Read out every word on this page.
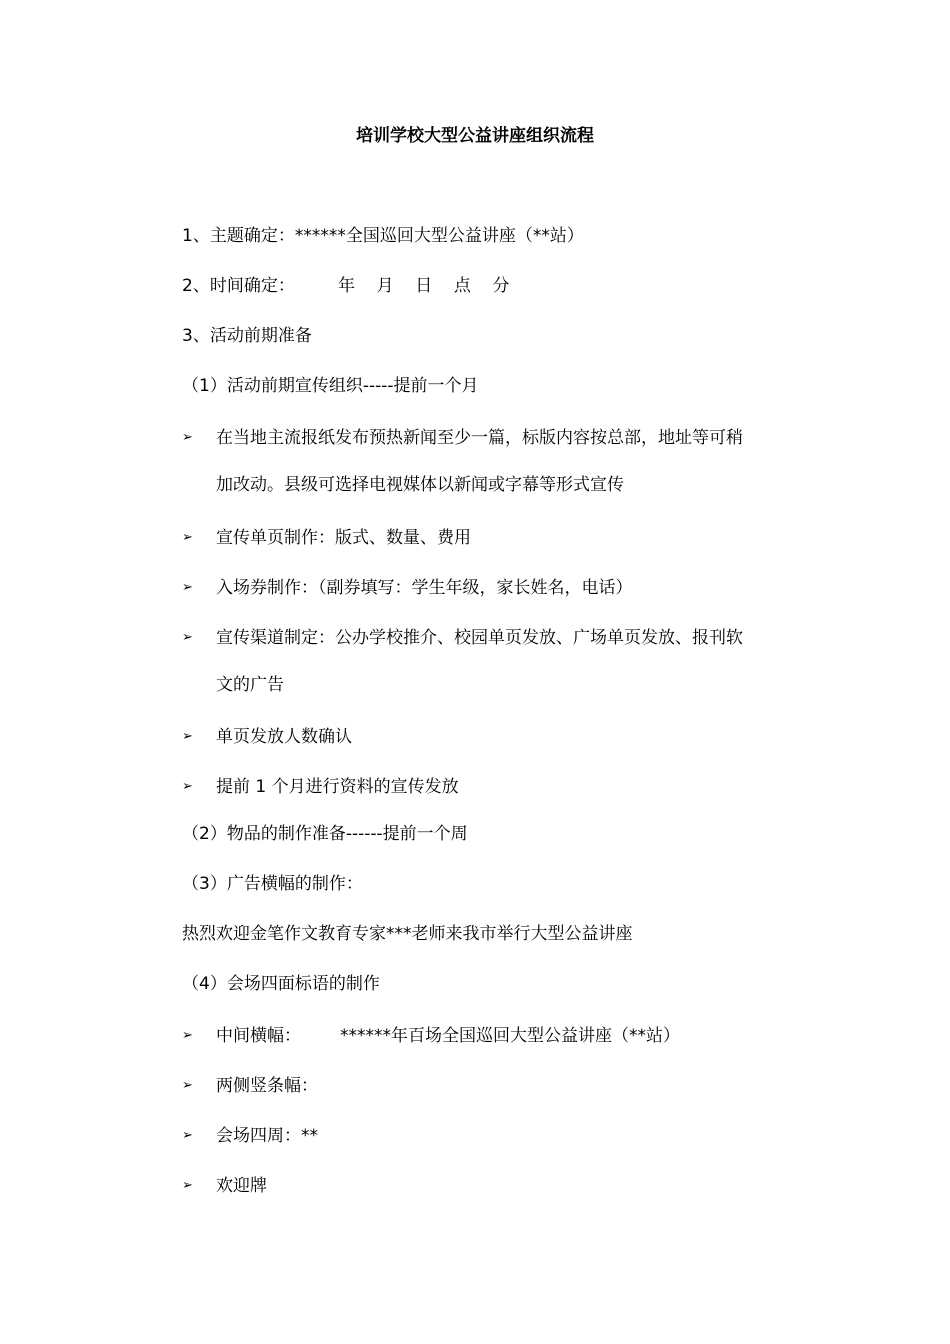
培训学校大型公益讲座组织流程
1、主题确定：******全国巡回大型公益讲座（**站）
2、时间确定：	年    月    日    点    分
3、活动前期准备
（1）活动前期宣传组织-----提前一个月
➢ 在当地主流报纸发布预热新闻至少一篇，标版内容按总部，地址等可稍
加改动。县级可选择电视媒体以新闻或字幕等形式宣传
➢ 宣传单页制作：版式、数量、费用
➢ 入场券制作：（副券填写：学生年级，家长姓名，电话）
➢ 宣传渠道制定：公办学校推介、校园单页发放、广场单页发放、报刊软
文的广告
➢ 单页发放人数确认
➢ 提前 1 个月进行资料的宣传发放
（2）物品的制作准备------提前一个周
（3）广告横幅的制作：
热烈欢迎金笔作文教育专家***老师来我市举行大型公益讲座
（4）会场四面标语的制作
➢ 中间横幅：	******年百场全国巡回大型公益讲座（**站）
➢ 两侧竖条幅：
➢ 会场四周：**
➢ 欢迎牌
